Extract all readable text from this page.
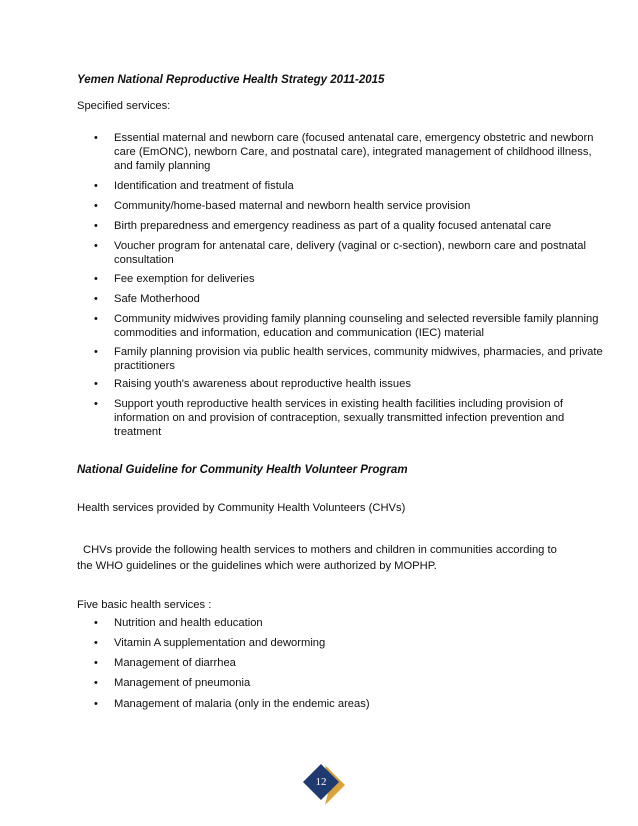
Yemen National Reproductive Health Strategy 2011-2015
Specified services:
• Essential maternal and newborn care (focused antenatal care, emergency obstetric and newborn care (EmONC), newborn Care, and postnatal care), integrated management of childhood illness, and family planning
• Identification and treatment of fistula
• Community/home-based maternal and newborn health service provision
• Birth preparedness and emergency readiness as part of a quality focused antenatal care
• Voucher program for antenatal care, delivery (vaginal or c-section), newborn care and postnatal consultation
• Fee exemption for deliveries
• Safe Motherhood
• Community midwives providing family planning counseling and selected reversible family planning commodities and information, education and communication (IEC) material
• Family planning provision via public health services, community midwives, pharmacies, and private practitioners
• Raising youth's awareness about reproductive health issues
• Support youth reproductive health services in existing health facilities including provision of information on and provision of contraception, sexually transmitted infection prevention and treatment
National Guideline for Community Health Volunteer Program
Health services provided by Community Health Volunteers (CHVs)
CHVs provide the following health services to mothers and children in communities according to the WHO guidelines or the guidelines which were authorized by MOPHP.
Five basic health services :
• Nutrition and health education
• Vitamin A supplementation and deworming
• Management of diarrhea
• Management of pneumonia
• Management of malaria (only in the endemic areas)
12
